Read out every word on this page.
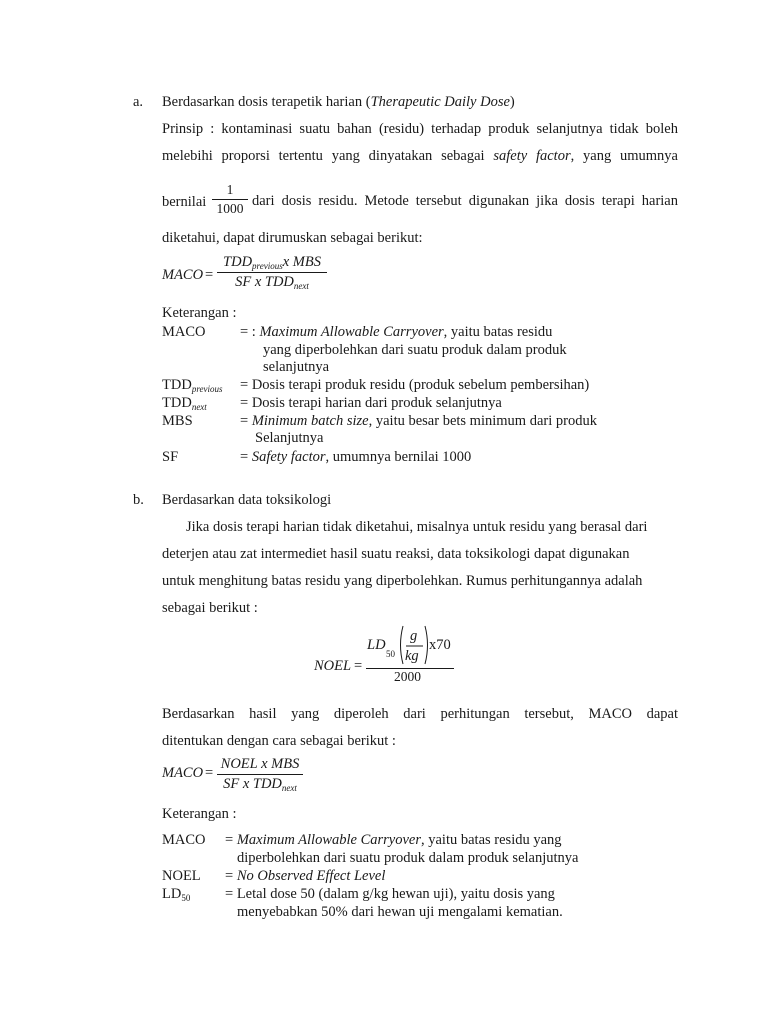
a. Berdasarkan dosis terapetik harian (Therapeutic Daily Dose)
Prinsip : kontaminasi suatu bahan (residu) terhadap produk selanjutnya tidak boleh
melebihi proporsi tertentu yang dinyatakan sebagai safety factor, yang umumnya
bernilai
1
1000 dari dosis residu. Metode tersebut digunakan jika dosis terapi harian
diketahui, dapat dirumuskan sebagai berikut:
MACO =
$TDD_{previous}x$ MBS
SF x $TDD_{next}$
Keterangan :
MACO = : Maximum Allowable Carryover, yaitu batas residu
yang diperbolehkan dari suatu produk dalam produk
selanjutnya
$TDD_{previous}$ = Dosis terapi produk residu (produk sebelum pembersihan)
$TDD_{next}$ = Dosis terapi harian dari produk selanjutnya
MBS	= Minimum batch size, yaitu besar bets minimum dari produk
Selanjutnya
SF	= Safety factor, umumnya bernilai 1000
b. Berdasarkan data toksikologi
Jika dosis terapi harian tidak diketahui, misalnya untuk residu yang berasal dari
deterjen atau zat intermediet hasil suatu reaksi, data toksikologi dapat digunakan
untuk menghitung batas residu yang diperbolehkan. Rumus perhitungannya adalah
sebagai berikut :
NOEL =
LD
$_{50}$
g
kg
x70
2000
Berdasarkan hasil yang diperoleh dari perhitungan tersebut, MACO dapat
ditentukan dengan cara sebagai berikut :
MACO =
NOEL x MBS
SF x $TDD_{next}$
Keterangan :
MACO = Maximum Allowable Carryover, yaitu batas residu yang
diperbolehkan dari suatu produk dalam produk selanjutnya
NOEL = No Observed Effect Level
$LD_{50}$ = Letal dose 50 (dalam g/kg hewan uji), yaitu dosis yang
menyebabkan 50% dari hewan uji mengalami kematian.
